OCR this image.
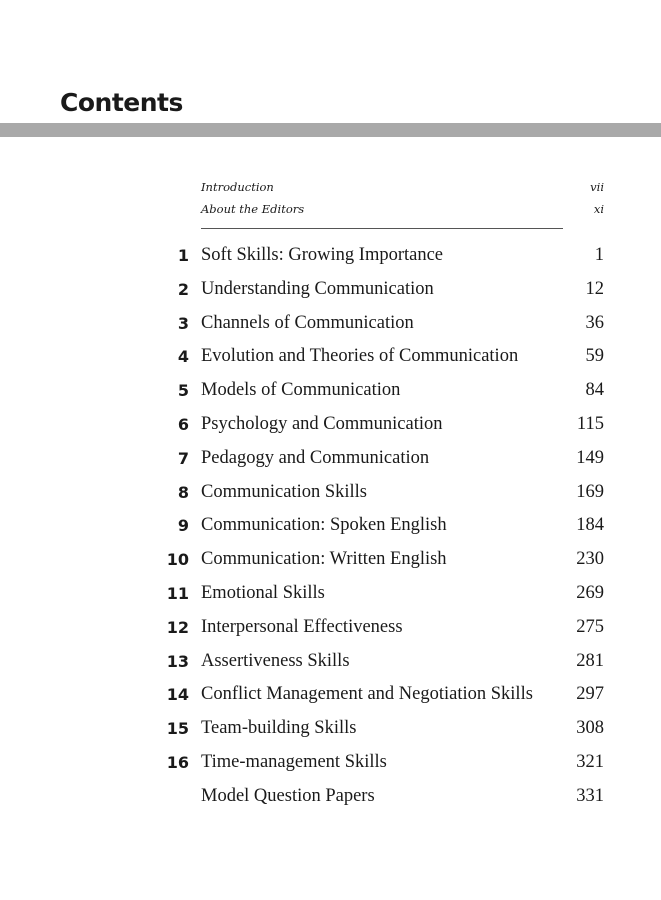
Contents
Introduction	vii
About the Editors	xi
1 Soft Skills: Growing Importance	1
2 Understanding Communication	12
3 Channels of Communication	36
4 Evolution and Theories of Communication	59
5 Models of Communication	84
6 Psychology and Communication	115
7 Pedagogy and Communication	149
8 Communication Skills	169
9 Communication: Spoken English	184
10 Communication: Written English	230
11 Emotional Skills	269
12 Interpersonal Effectiveness	275
13 Assertiveness Skills	281
14 Conflict Management and Negotiation Skills 297
15 Team-building Skills	308
16 Time-management Skills	321
Model Question Papers	331
